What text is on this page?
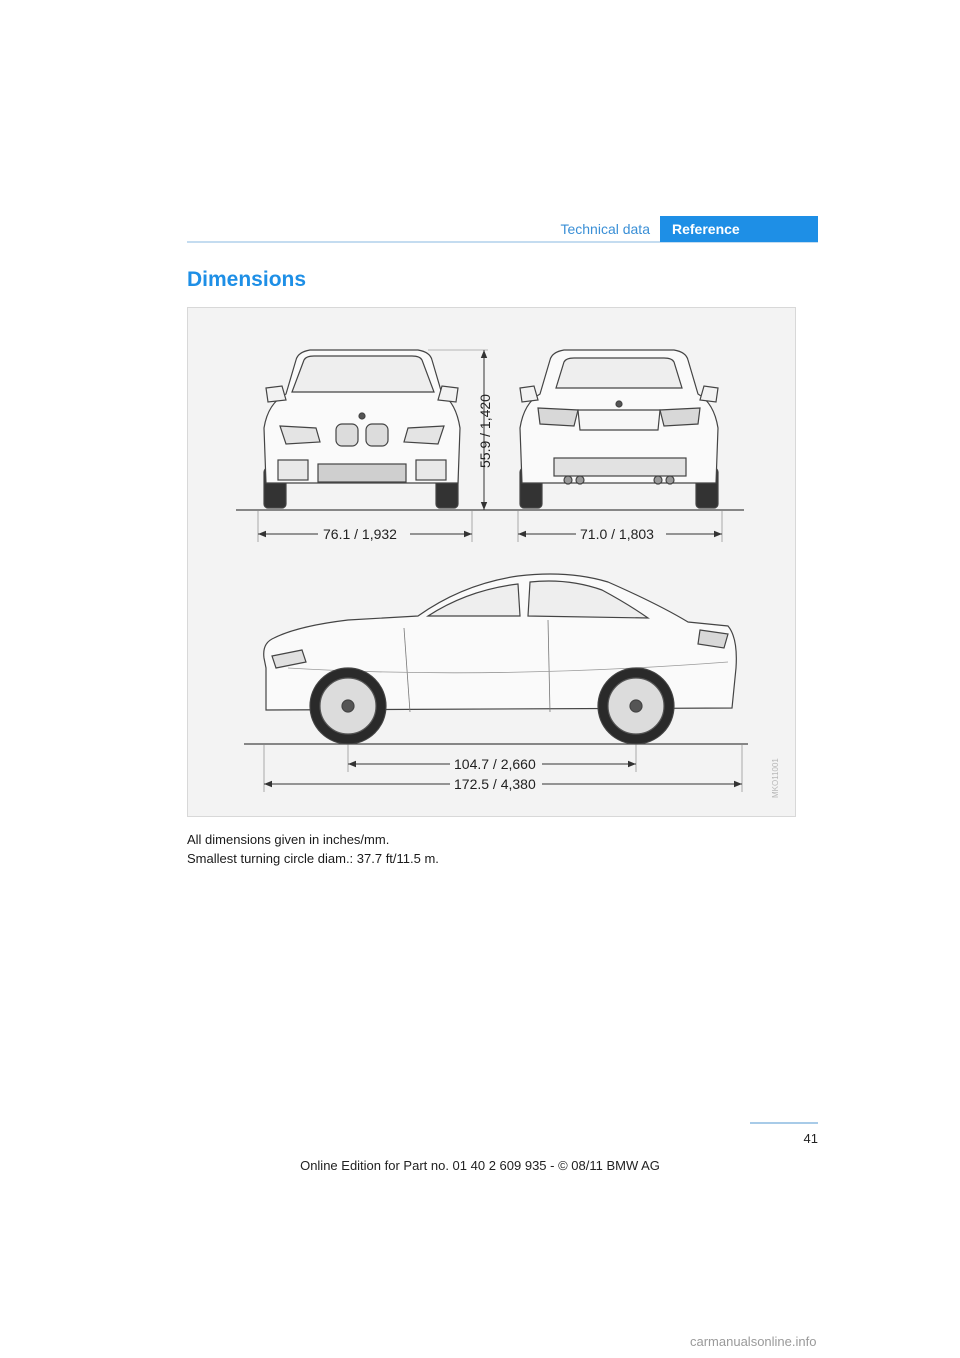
Technical data	Reference
Dimensions
55.9 / 1,420
76.1 / 1,932	71.0 / 1,803
104.7 / 2,660
172.5 / 4,380	MKO11001

All dimensions given in inches/mm.

Smallest turning circle diam.: 37.7 ft/11.5 m.

41
Online Edition for Part no. 01 40 2 609 935 - © 08/11 BMW AG
carmanualsonline.info
